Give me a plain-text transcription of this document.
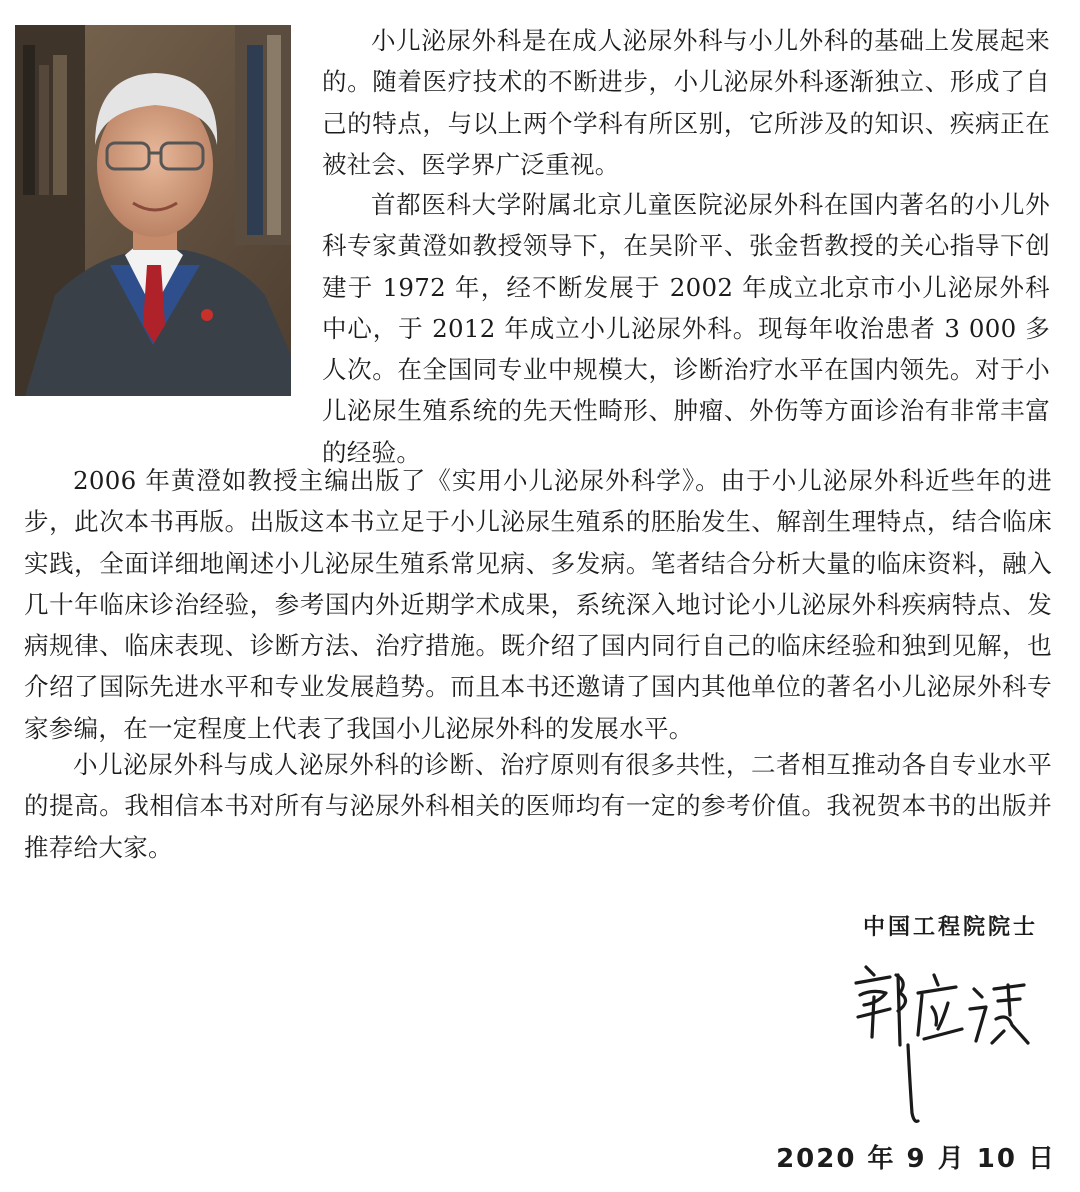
小儿泌尿外科是在成人泌尿外科与小儿外科的基础上发展起来的。随着医疗技术的不断进步，小儿泌尿外科逐渐独立、形成了自己的特点，与以上两个学科有所区别，它所涉及的知识、疾病正在被社会、医学界广泛重视。

首都医科大学附属北京儿童医院泌尿外科在国内著名的小儿外科专家黄澄如教授领导下，在吴阶平、张金哲教授的关心指导下创建于 1972 年，经不断发展于 2002 年成立北京市小儿泌尿外科中心，于 2012 年成立小儿泌尿外科。现每年收治患者 3 000 多人次。在全国同专业中规模大，诊断治疗水平在国内领先。对于小儿泌尿生殖系统的先天性畸形、肿瘤、外伤等方面诊治有非常丰富的经验。

2006 年黄澄如教授主编出版了《实用小儿泌尿外科学》。由于小儿泌尿外科近些年的进步，此次本书再版。出版这本书立足于小儿泌尿生殖系的胚胎发生、解剖生理特点，结合临床实践，全面详细地阐述小儿泌尿生殖系常见病、多发病。笔者结合分析大量的临床资料，融入几十年临床诊治经验，参考国内外近期学术成果，系统深入地讨论小儿泌尿外科疾病特点、发病规律、临床表现、诊断方法、治疗措施。既介绍了国内同行自己的临床经验和独到见解，也介绍了国际先进水平和专业发展趋势。而且本书还邀请了国内其他单位的著名小儿泌尿外科专家参编，在一定程度上代表了我国小儿泌尿外科的发展水平。

小儿泌尿外科与成人泌尿外科的诊断、治疗原则有很多共性，二者相互推动各自专业水平的提高。我相信本书对所有与泌尿外科相关的医师均有一定的参考价值。我祝贺本书的出版并推荐给大家。

中国工程院院士
2020 年 9 月 10 日
